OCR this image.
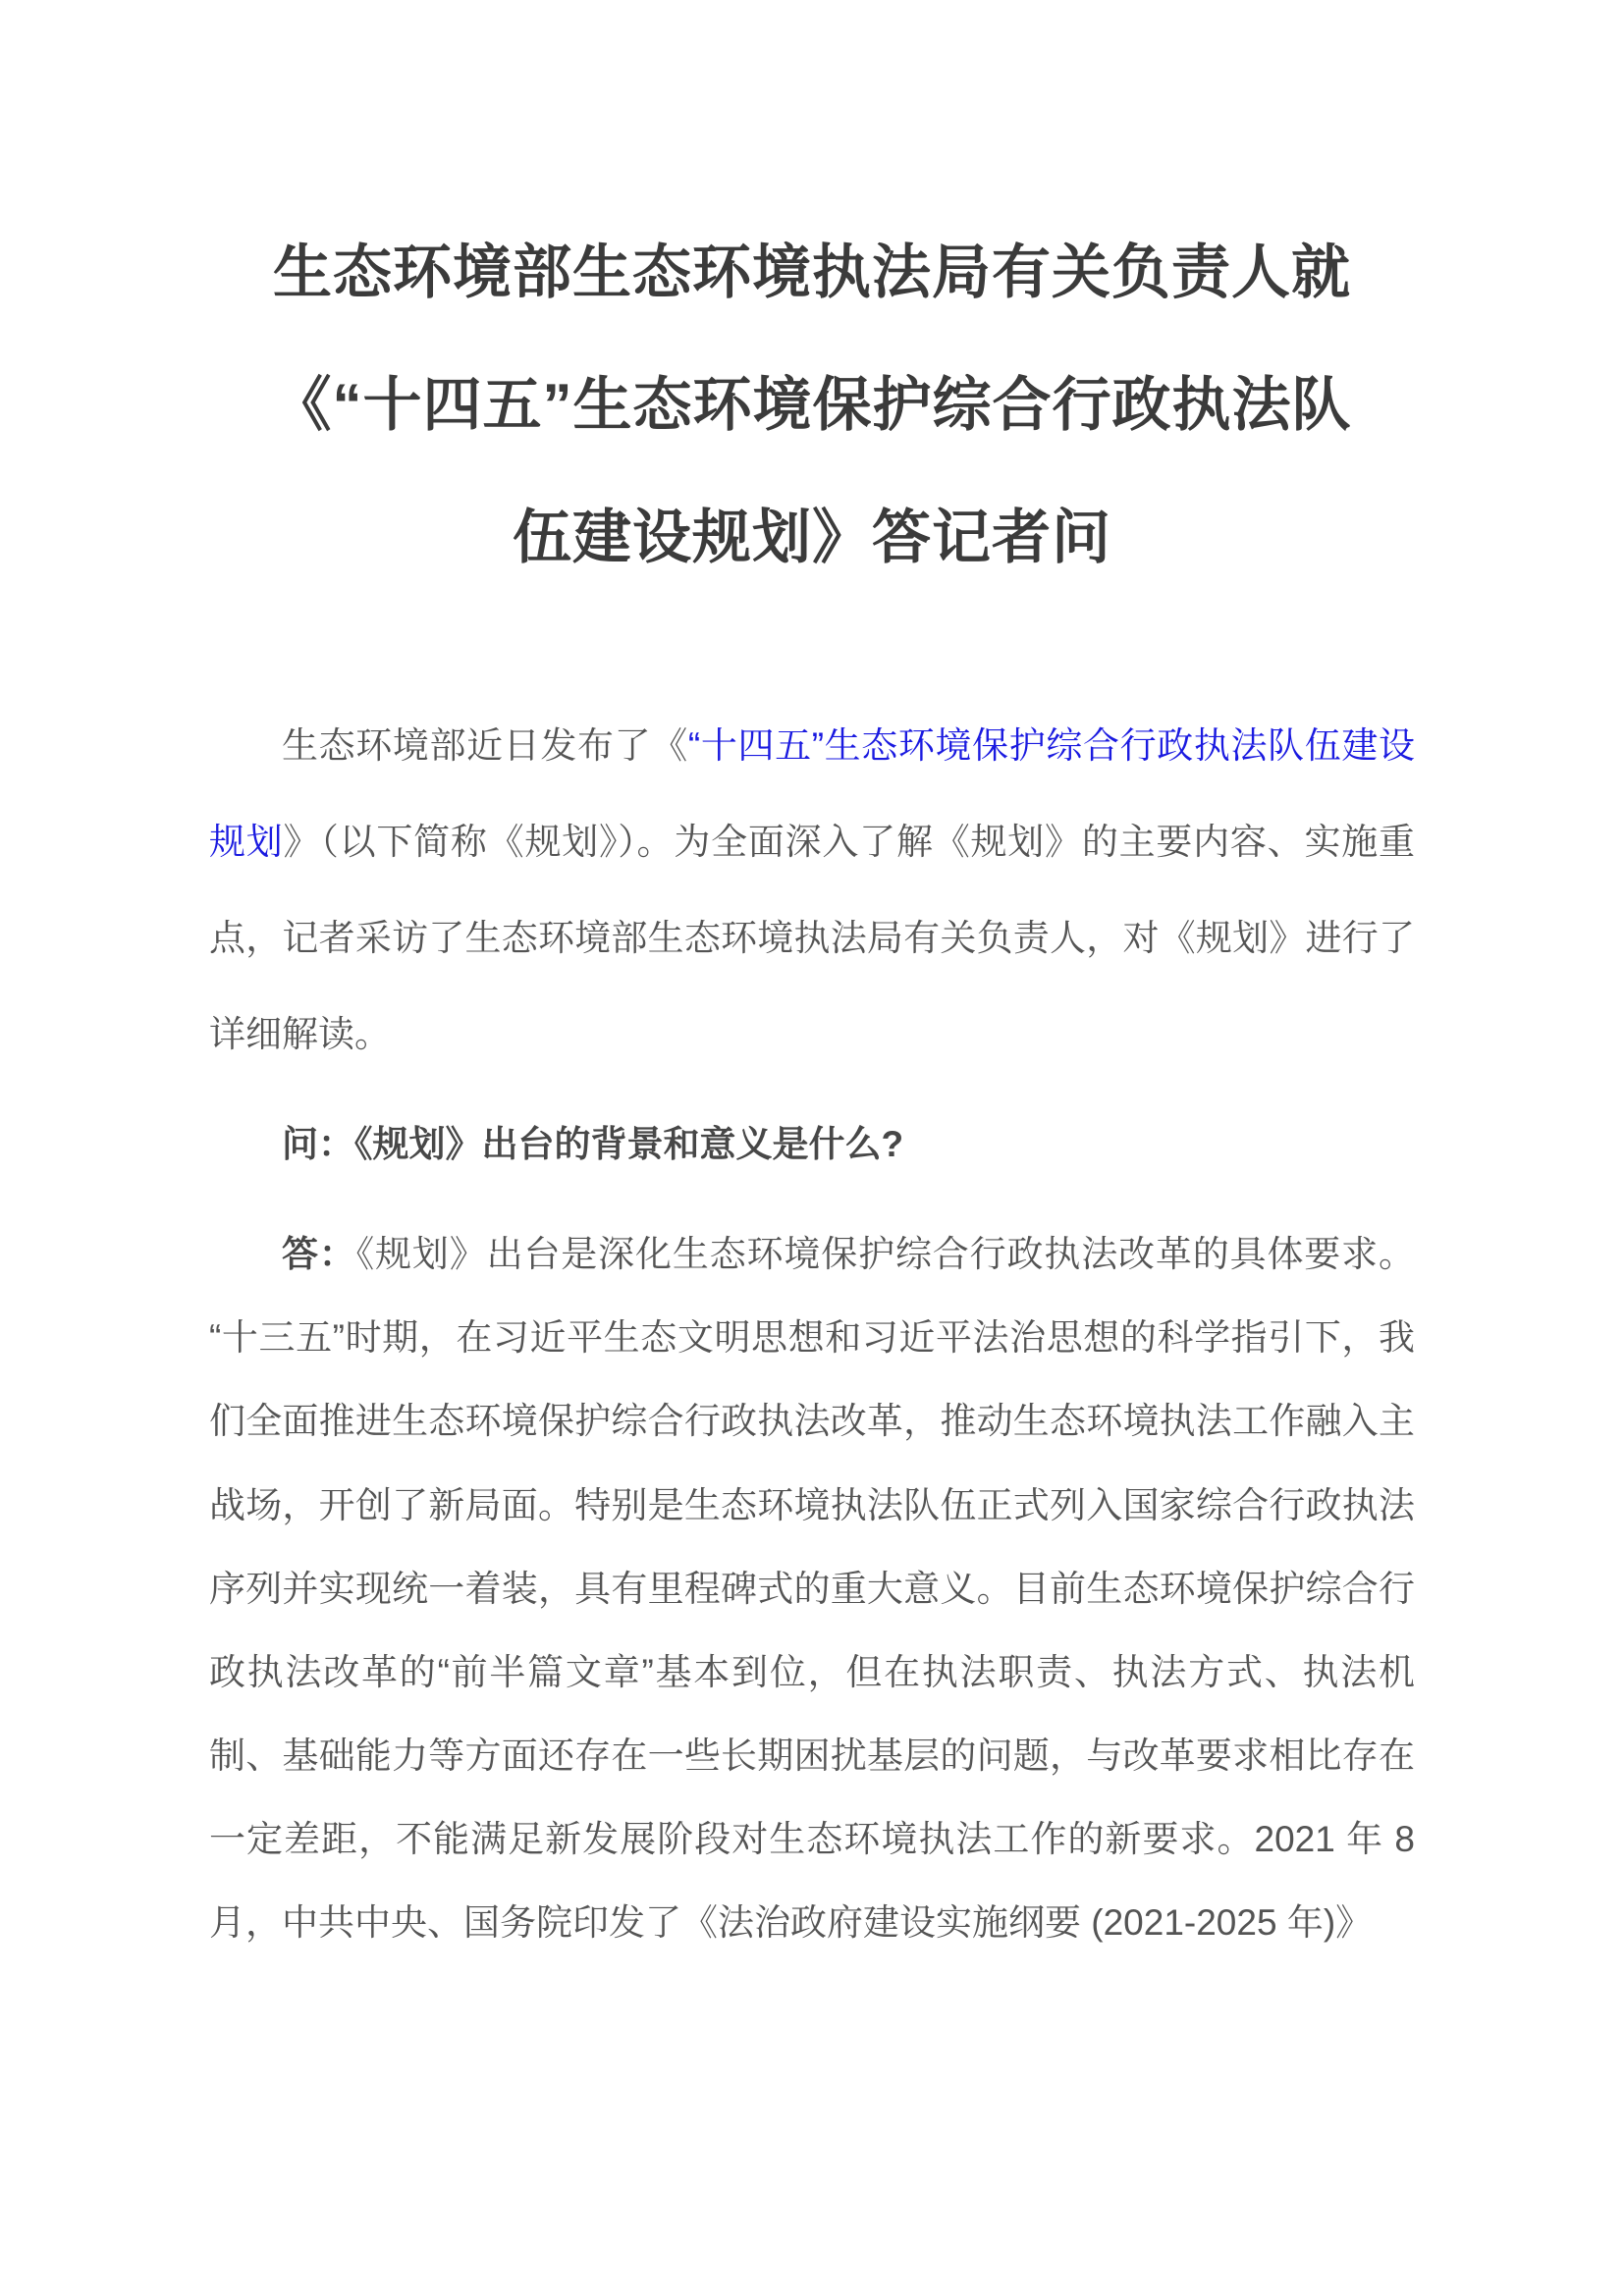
生态环境部生态环境执法局有关负责人就
《“十四五”生态环境保护综合行政执法队
伍建设规划》答记者问

生态环境部近日发布了《“十四五”生态环境保护综合行政执法队伍建设规划》（以下简称《规划》）。为全面深入了解《规划》的主要内容、实施重点，记者采访了生态环境部生态环境执法局有关负责人，对《规划》进行了详细解读。

问：《规划》出台的背景和意义是什么?

答：《规划》出台是深化生态环境保护综合行政执法改革的具体要求。“十三五”时期，在习近平生态文明思想和习近平法治思想的科学指引下，我们全面推进生态环境保护综合行政执法改革，推动生态环境执法工作融入主战场，开创了新局面。特别是生态环境执法队伍正式列入国家综合行政执法序列并实现统一着装，具有里程碑式的重大意义。目前生态环境保护综合行政执法改革的“前半篇文章”基本到位，但在执法职责、执法方式、执法机制、基础能力等方面还存在一些长期困扰基层的问题，与改革要求相比存在一定差距，不能满足新发展阶段对生态环境执法工作的新要求。2021 年 8 月，中共中央、国务院印发了《法治政府建设实施纲要 (2021-2025 年)》
